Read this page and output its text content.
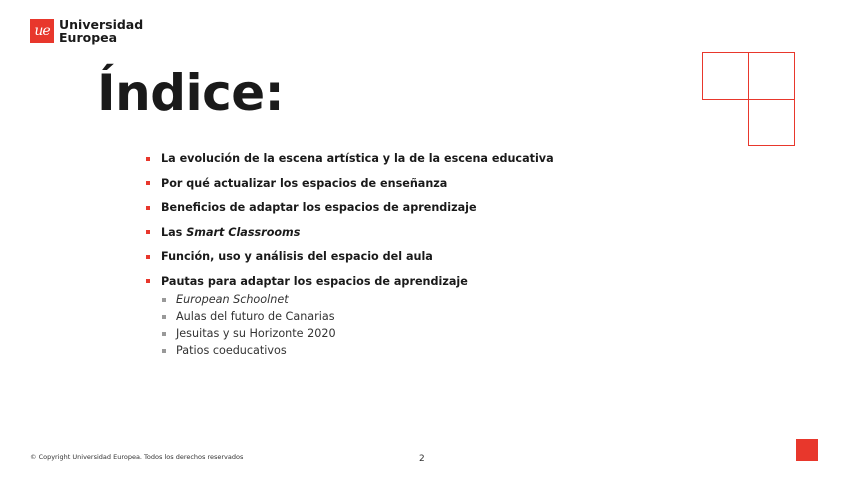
ue Universidad
Europea
Índice:
La evolución de la escena artística y la de la escena educativa
Por qué actualizar los espacios de enseñanza
Beneficios de adaptar los espacios de aprendizaje
Las Smart Classrooms
Función, uso y análisis del espacio del aula
Pautas para adaptar los espacios de aprendizaje
European Schoolnet
Aulas del futuro de Canarias
Jesuitas y su Horizonte 2020
Patios coeducativos
© Copyright Universidad Europea. Todos los derechos reservados	2
